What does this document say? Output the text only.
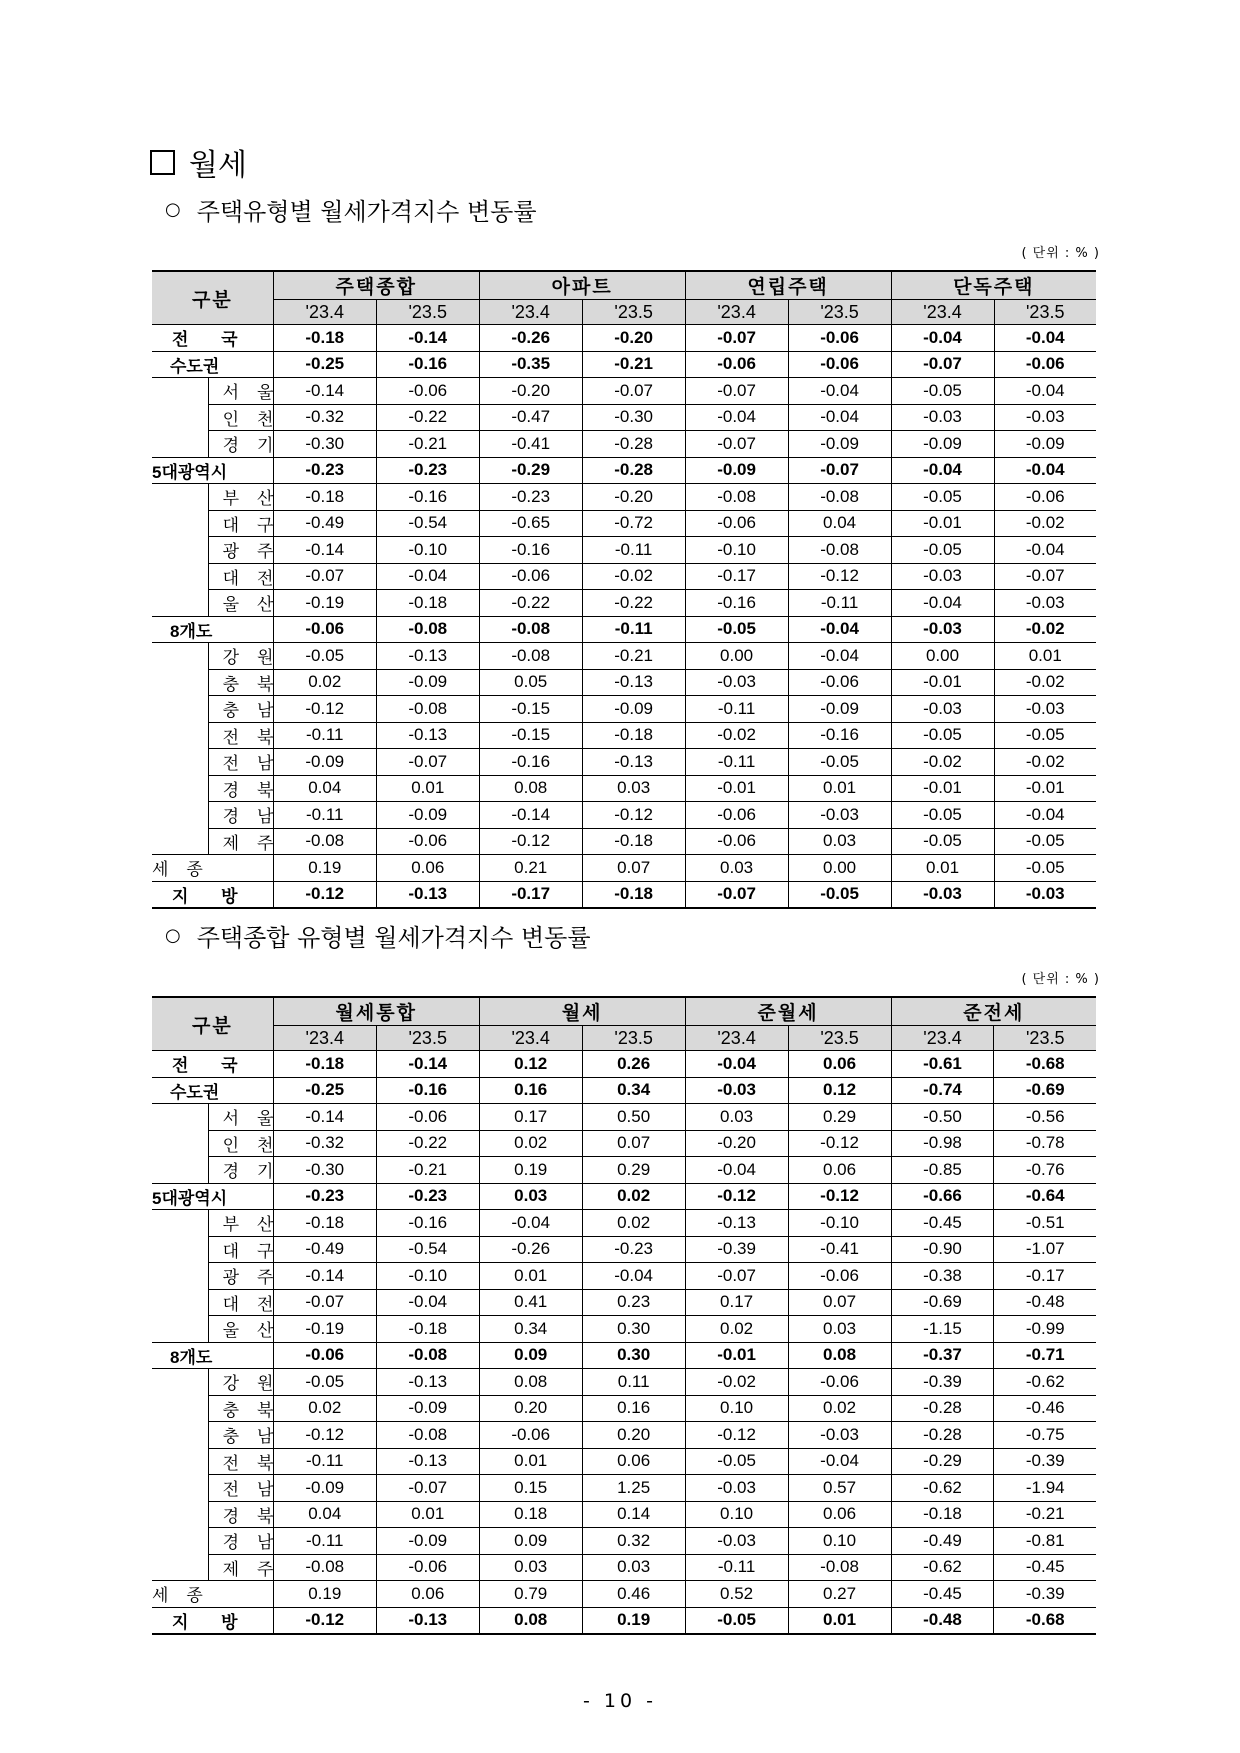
월세
○ 주택유형별 월세가격지수 변동률
( 단위 : % )
구분		주택종합		아파트		연립주택		단독주택	
		'23.4	'23.5	'23.4	'23.5	'23.4	'23.5	'23.4	'23.5
전 국		-0.18	-0.14	-0.26	-0.20	-0.07	-0.06	-0.04	-0.04
수도권		-0.25	-0.16	-0.35	-0.21	-0.06	-0.06	-0.07	-0.06
	서울	-0.14	-0.06	-0.20	-0.07	-0.07	-0.04	-0.05	-0.04
	인천	-0.32	-0.22	-0.47	-0.30	-0.04	-0.04	-0.03	-0.03
	경기	-0.30	-0.21	-0.41	-0.28	-0.07	-0.09	-0.09	-0.09
5대광역시		-0.23	-0.23	-0.29	-0.28	-0.09	-0.07	-0.04	-0.04
	부산	-0.18	-0.16	-0.23	-0.20	-0.08	-0.08	-0.05	-0.06
	대구	-0.49	-0.54	-0.65	-0.72	-0.06	0.04	-0.01	-0.02
	광주	-0.14	-0.10	-0.16	-0.11	-0.10	-0.08	-0.05	-0.04
	대전	-0.07	-0.04	-0.06	-0.02	-0.17	-0.12	-0.03	-0.07
	울산	-0.19	-0.18	-0.22	-0.22	-0.16	-0.11	-0.04	-0.03
8개도		-0.06	-0.08	-0.08	-0.11	-0.05	-0.04	-0.03	-0.02
	강원	-0.05	-0.13	-0.08	-0.21	0.00	-0.04	0.00	0.01
	충북	0.02	-0.09	0.05	-0.13	-0.03	-0.06	-0.01	-0.02
	충남	-0.12	-0.08	-0.15	-0.09	-0.11	-0.09	-0.03	-0.03
	전북	-0.11	-0.13	-0.15	-0.18	-0.02	-0.16	-0.05	-0.05
	전남	-0.09	-0.07	-0.16	-0.13	-0.11	-0.05	-0.02	-0.02
	경북	0.04	0.01	0.08	0.03	-0.01	0.01	-0.01	-0.01
	경남	-0.11	-0.09	-0.14	-0.12	-0.06	-0.03	-0.05	-0.04
	제주	-0.08	-0.06	-0.12	-0.18	-0.06	0.03	-0.05	-0.05
세종		0.19	0.06	0.21	0.07	0.03	0.00	0.01	-0.05
지 방		-0.12	-0.13	-0.17	-0.18	-0.07	-0.05	-0.03	-0.03
○ 주택종합 유형별 월세가격지수 변동률
( 단위 : % )
구분		월세통합		월세		준월세		준전세	
		'23.4	'23.5	'23.4	'23.5	'23.4	'23.5	'23.4	'23.5
전 국		-0.18	-0.14	0.12	0.26	-0.04	0.06	-0.61	-0.68
수도권		-0.25	-0.16	0.16	0.34	-0.03	0.12	-0.74	-0.69
	서울	-0.14	-0.06	0.17	0.50	0.03	0.29	-0.50	-0.56
	인천	-0.32	-0.22	0.02	0.07	-0.20	-0.12	-0.98	-0.78
	경기	-0.30	-0.21	0.19	0.29	-0.04	0.06	-0.85	-0.76
5대광역시		-0.23	-0.23	0.03	0.02	-0.12	-0.12	-0.66	-0.64
	부산	-0.18	-0.16	-0.04	0.02	-0.13	-0.10	-0.45	-0.51
	대구	-0.49	-0.54	-0.26	-0.23	-0.39	-0.41	-0.90	-1.07
	광주	-0.14	-0.10	0.01	-0.04	-0.07	-0.06	-0.38	-0.17
	대전	-0.07	-0.04	0.41	0.23	0.17	0.07	-0.69	-0.48
	울산	-0.19	-0.18	0.34	0.30	0.02	0.03	-1.15	-0.99
8개도		-0.06	-0.08	0.09	0.30	-0.01	0.08	-0.37	-0.71
	강원	-0.05	-0.13	0.08	0.11	-0.02	-0.06	-0.39	-0.62
	충북	0.02	-0.09	0.20	0.16	0.10	0.02	-0.28	-0.46
	충남	-0.12	-0.08	-0.06	0.20	-0.12	-0.03	-0.28	-0.75
	전북	-0.11	-0.13	0.01	0.06	-0.05	-0.04	-0.29	-0.39
	전남	-0.09	-0.07	0.15	1.25	-0.03	0.57	-0.62	-1.94
	경북	0.04	0.01	0.18	0.14	0.10	0.06	-0.18	-0.21
	경남	-0.11	-0.09	0.09	0.32	-0.03	0.10	-0.49	-0.81
	제주	-0.08	-0.06	0.03	0.03	-0.11	-0.08	-0.62	-0.45
세종		0.19	0.06	0.79	0.46	0.52	0.27	-0.45	-0.39
지 방		-0.12	-0.13	0.08	0.19	-0.05	0.01	-0.48	-0.68
- 10 -
